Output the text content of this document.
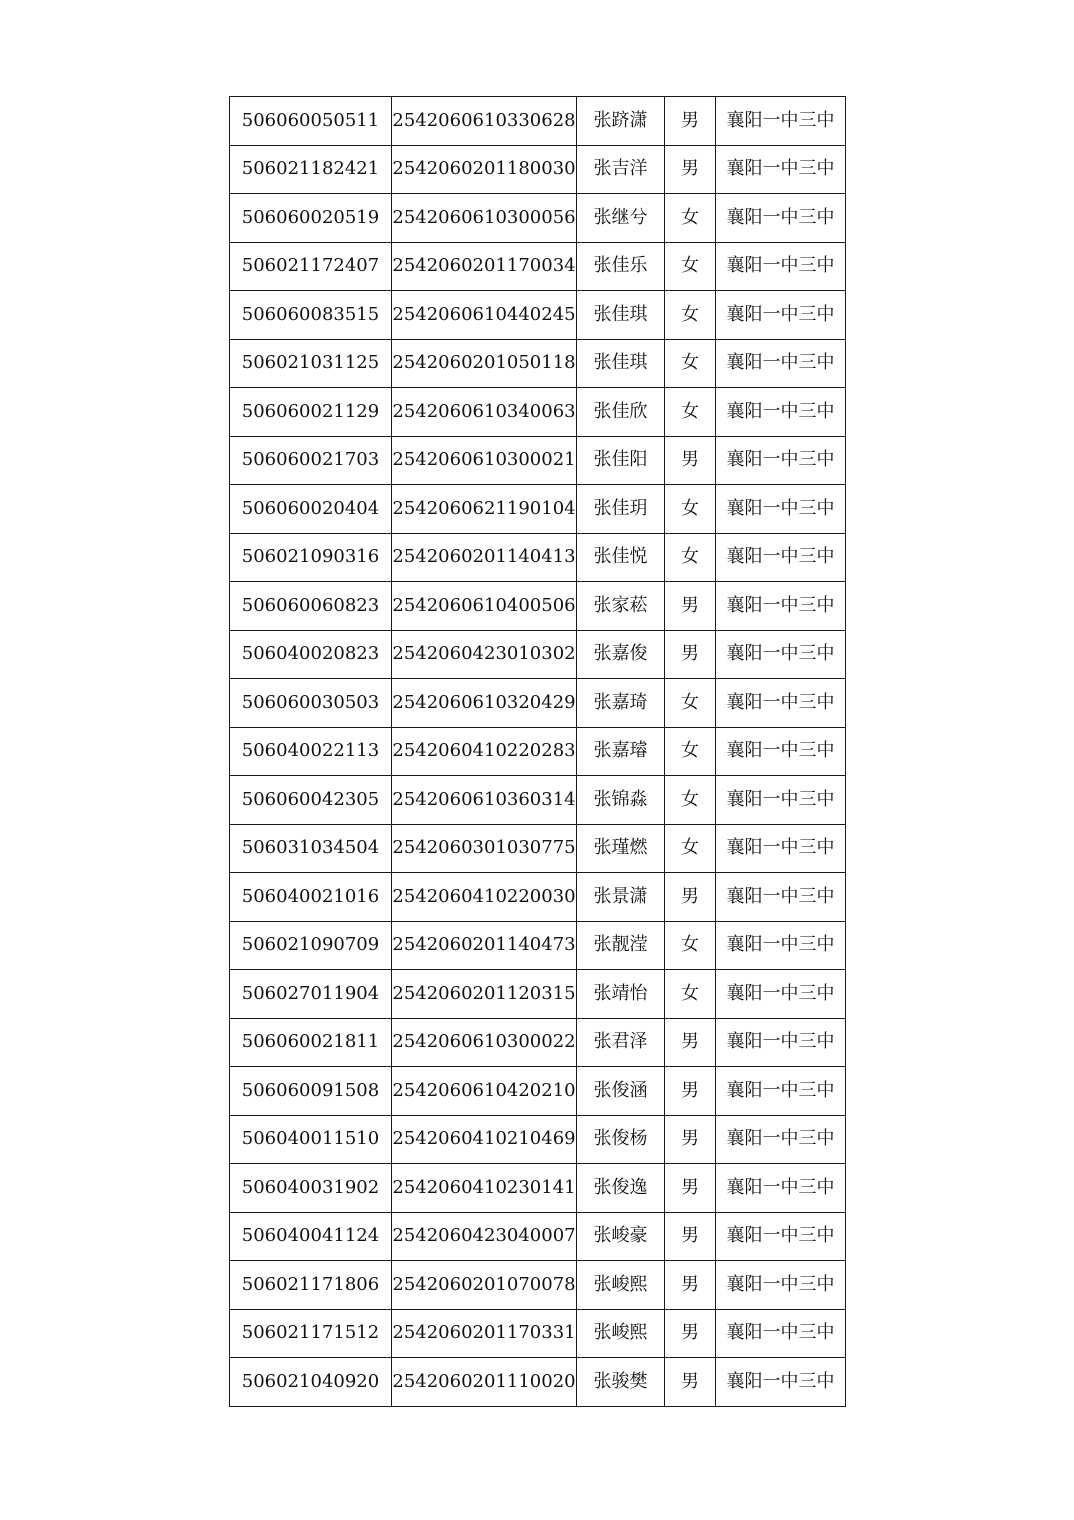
506060050511	2542060610330628	张跻潇	男	襄阳一中三中
506021182421	2542060201180030	张吉洋	男	襄阳一中三中
506060020519	2542060610300056	张继兮	女	襄阳一中三中
506021172407	2542060201170034	张佳乐	女	襄阳一中三中
506060083515	2542060610440245	张佳琪	女	襄阳一中三中
506021031125	2542060201050118	张佳琪	女	襄阳一中三中
506060021129	2542060610340063	张佳欣	女	襄阳一中三中
506060021703	2542060610300021	张佳阳	男	襄阳一中三中
506060020404	2542060621190104	张佳玥	女	襄阳一中三中
506021090316	2542060201140413	张佳悦	女	襄阳一中三中
506060060823	2542060610400506	张家菘	男	襄阳一中三中
506040020823	2542060423010302	张嘉俊	男	襄阳一中三中
506060030503	2542060610320429	张嘉琦	女	襄阳一中三中
506040022113	2542060410220283	张嘉璿	女	襄阳一中三中
506060042305	2542060610360314	张锦淼	女	襄阳一中三中
506031034504	2542060301030775	张瑾燃	女	襄阳一中三中
506040021016	2542060410220030	张景潇	男	襄阳一中三中
506021090709	2542060201140473	张靓滢	女	襄阳一中三中
506027011904	2542060201120315	张靖怡	女	襄阳一中三中
506060021811	2542060610300022	张君泽	男	襄阳一中三中
506060091508	2542060610420210	张俊涵	男	襄阳一中三中
506040011510	2542060410210469	张俊杨	男	襄阳一中三中
506040031902	2542060410230141	张俊逸	男	襄阳一中三中
506040041124	2542060423040007	张峻豪	男	襄阳一中三中
506021171806	2542060201070078	张峻熙	男	襄阳一中三中
506021171512	2542060201170331	张峻熙	男	襄阳一中三中
506021040920	2542060201110020	张骏樊	男	襄阳一中三中
